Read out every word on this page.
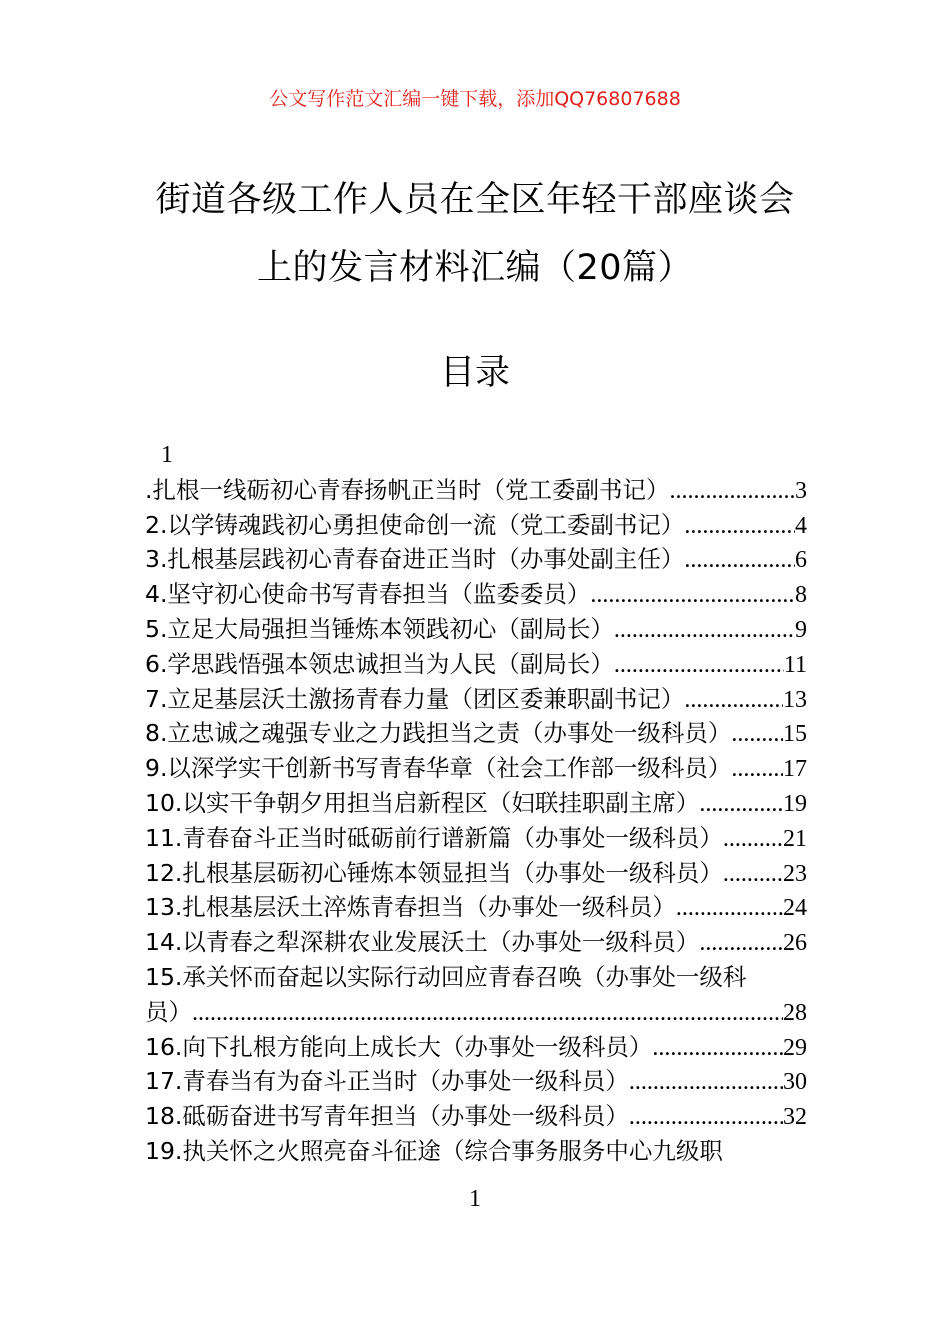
公文写作范文汇编一键下载，添加QQ76807688
街道各级工作人员在全区年轻干部座谈会
上的发言材料汇编（20篇）
目录
1
.扎根一线砺初心青春扬帆正当时（党工委副书记） .....	3
2.以学铸魂践初心勇担使命创一流（党工委副书记） .....	4
3.扎根基层践初心青春奋进正当时（办事处副主任） .....	6
4.坚守初心使命书写青春担当（监委委员） .....	8
5.立足大局强担当锤炼本领践初心（副局长） .....	9
6.学思践悟强本领忠诚担当为人民（副局长） .....	11
7.立足基层沃土激扬青春力量（团区委兼职副书记） .....	13
8.立忠诚之魂强专业之力践担当之责（办事处一级科员） ..... 15
9.以深学实干创新书写青春华章（社会工作部一级科员） ..... 17
10.以实干争朝夕用担当启新程区（妇联挂职副主席） .....	19
11.青春奋斗正当时砥砺前行谱新篇（办事处一级科员） .....	21
12.扎根基层砺初心锤炼本领显担当（办事处一级科员） .....	23
13.扎根基层沃土淬炼青春担当（办事处一级科员） .....	24
14.以青春之犁深耕农业发展沃土（办事处一级科员） .....	26
15.承关怀而奋起以实际行动回应青春召唤（办事处一级科
员） .....	28
16.向下扎根方能向上成长大（办事处一级科员） .....	29
17.青春当有为奋斗正当时（办事处一级科员） .....	30
18.砥砺奋进书写青年担当（办事处一级科员） .....	32
19.执关怀之火照亮奋斗征途（综合事务服务中心九级职
1
